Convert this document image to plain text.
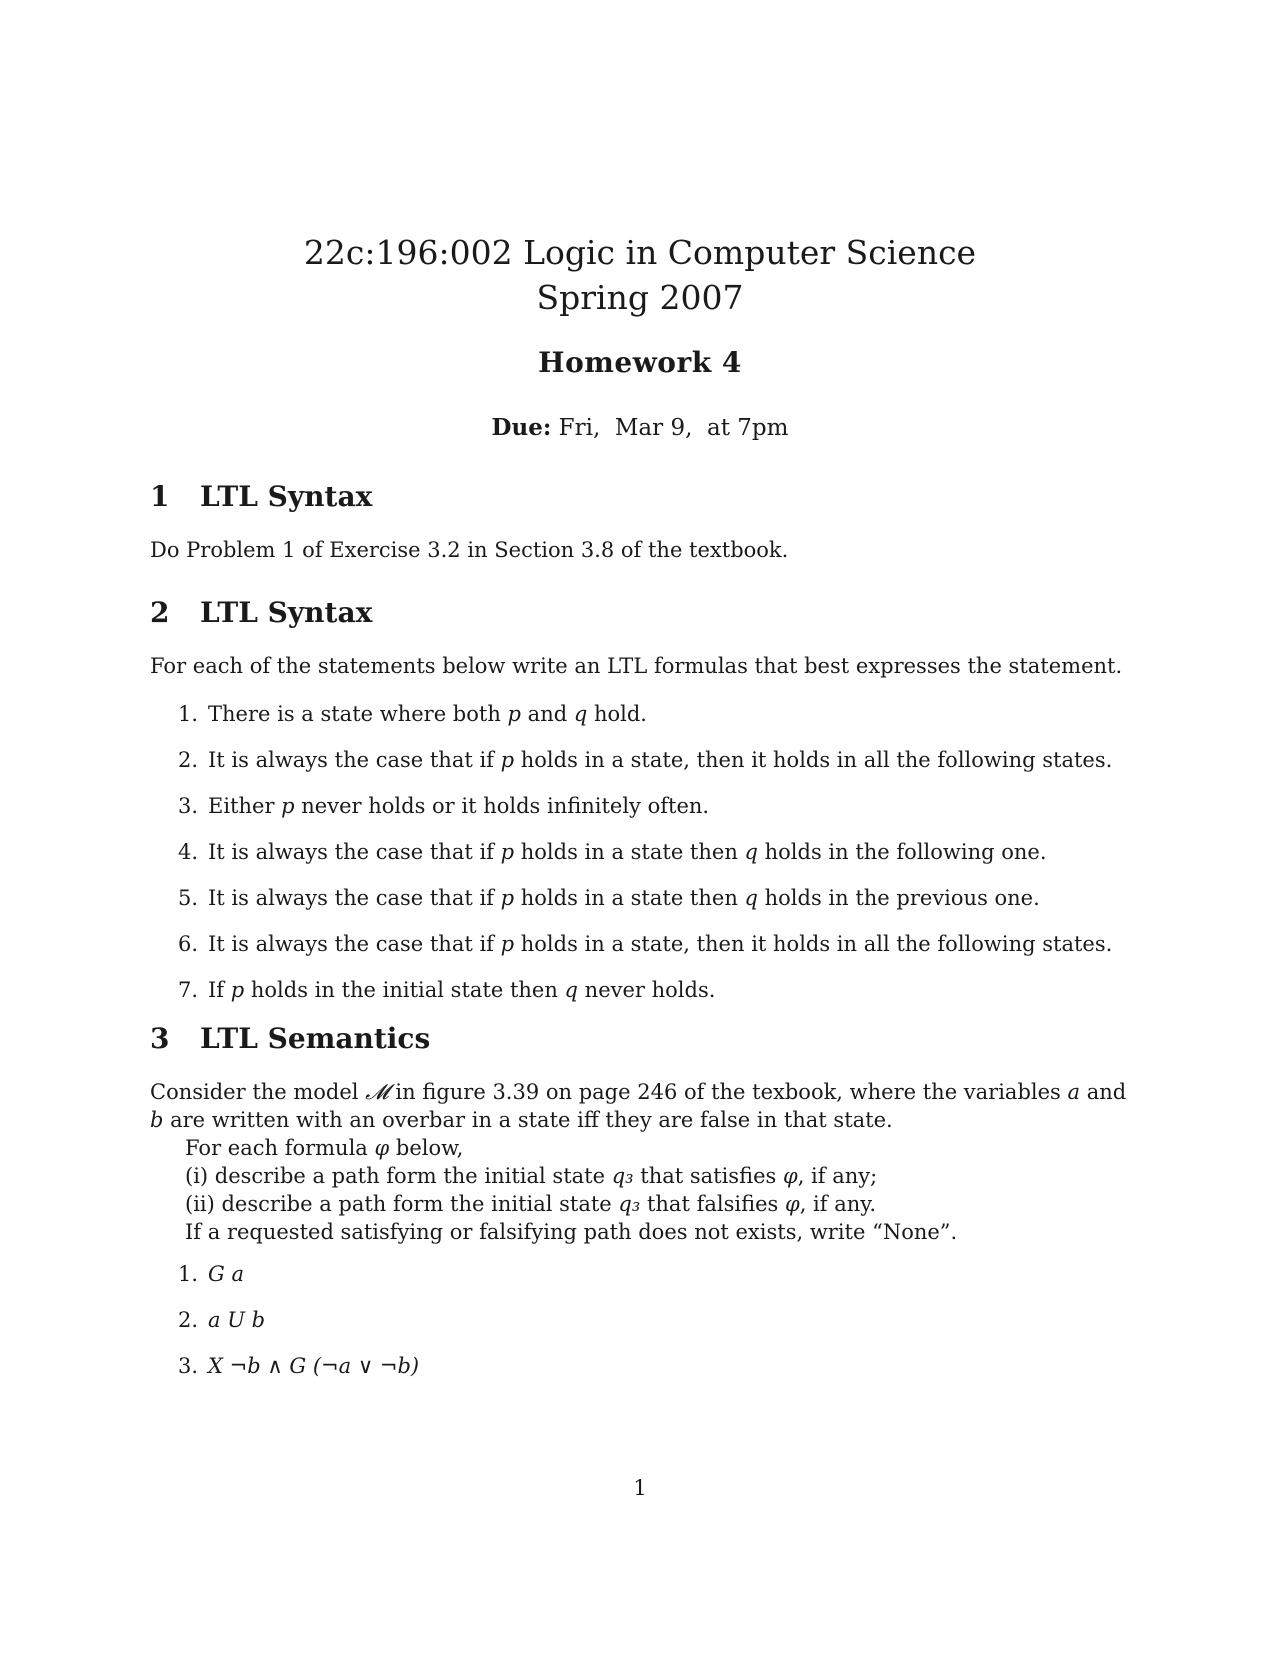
22c:196:002 Logic in Computer Science
Spring 2007
Homework 4
Due: Fri,  Mar 9,  at 7pm
1 LTL Syntax
Do Problem 1 of Exercise 3.2 in Section 3.8 of the textbook.
2 LTL Syntax
For each of the statements below write an LTL formulas that best expresses the statement.
1. There is a state where both p and q hold.
2. It is always the case that if p holds in a state, then it holds in all the following states.
3. Either p never holds or it holds infinitely often.
4. It is always the case that if p holds in a state then q holds in the following one.
5. It is always the case that if p holds in a state then q holds in the previous one.
6. It is always the case that if p holds in a state, then it holds in all the following states.
7. If p holds in the initial state then q never holds.
3 LTL Semantics
Consider the model 𝓜 in figure 3.39 on page 246 of the texbook, where the variables a and b are written with an overbar in a state iff they are false in that state.
For each formula φ below,
(i) describe a path form the initial state q₃ that satisfies φ, if any;
(ii) describe a path form the initial state q₃ that falsifies φ, if any.
If a requested satisfying or falsifying path does not exists, write “None”.
1. G a
2. a U b
3. X ¬b ∧ G (¬a ∨ ¬b)
1
